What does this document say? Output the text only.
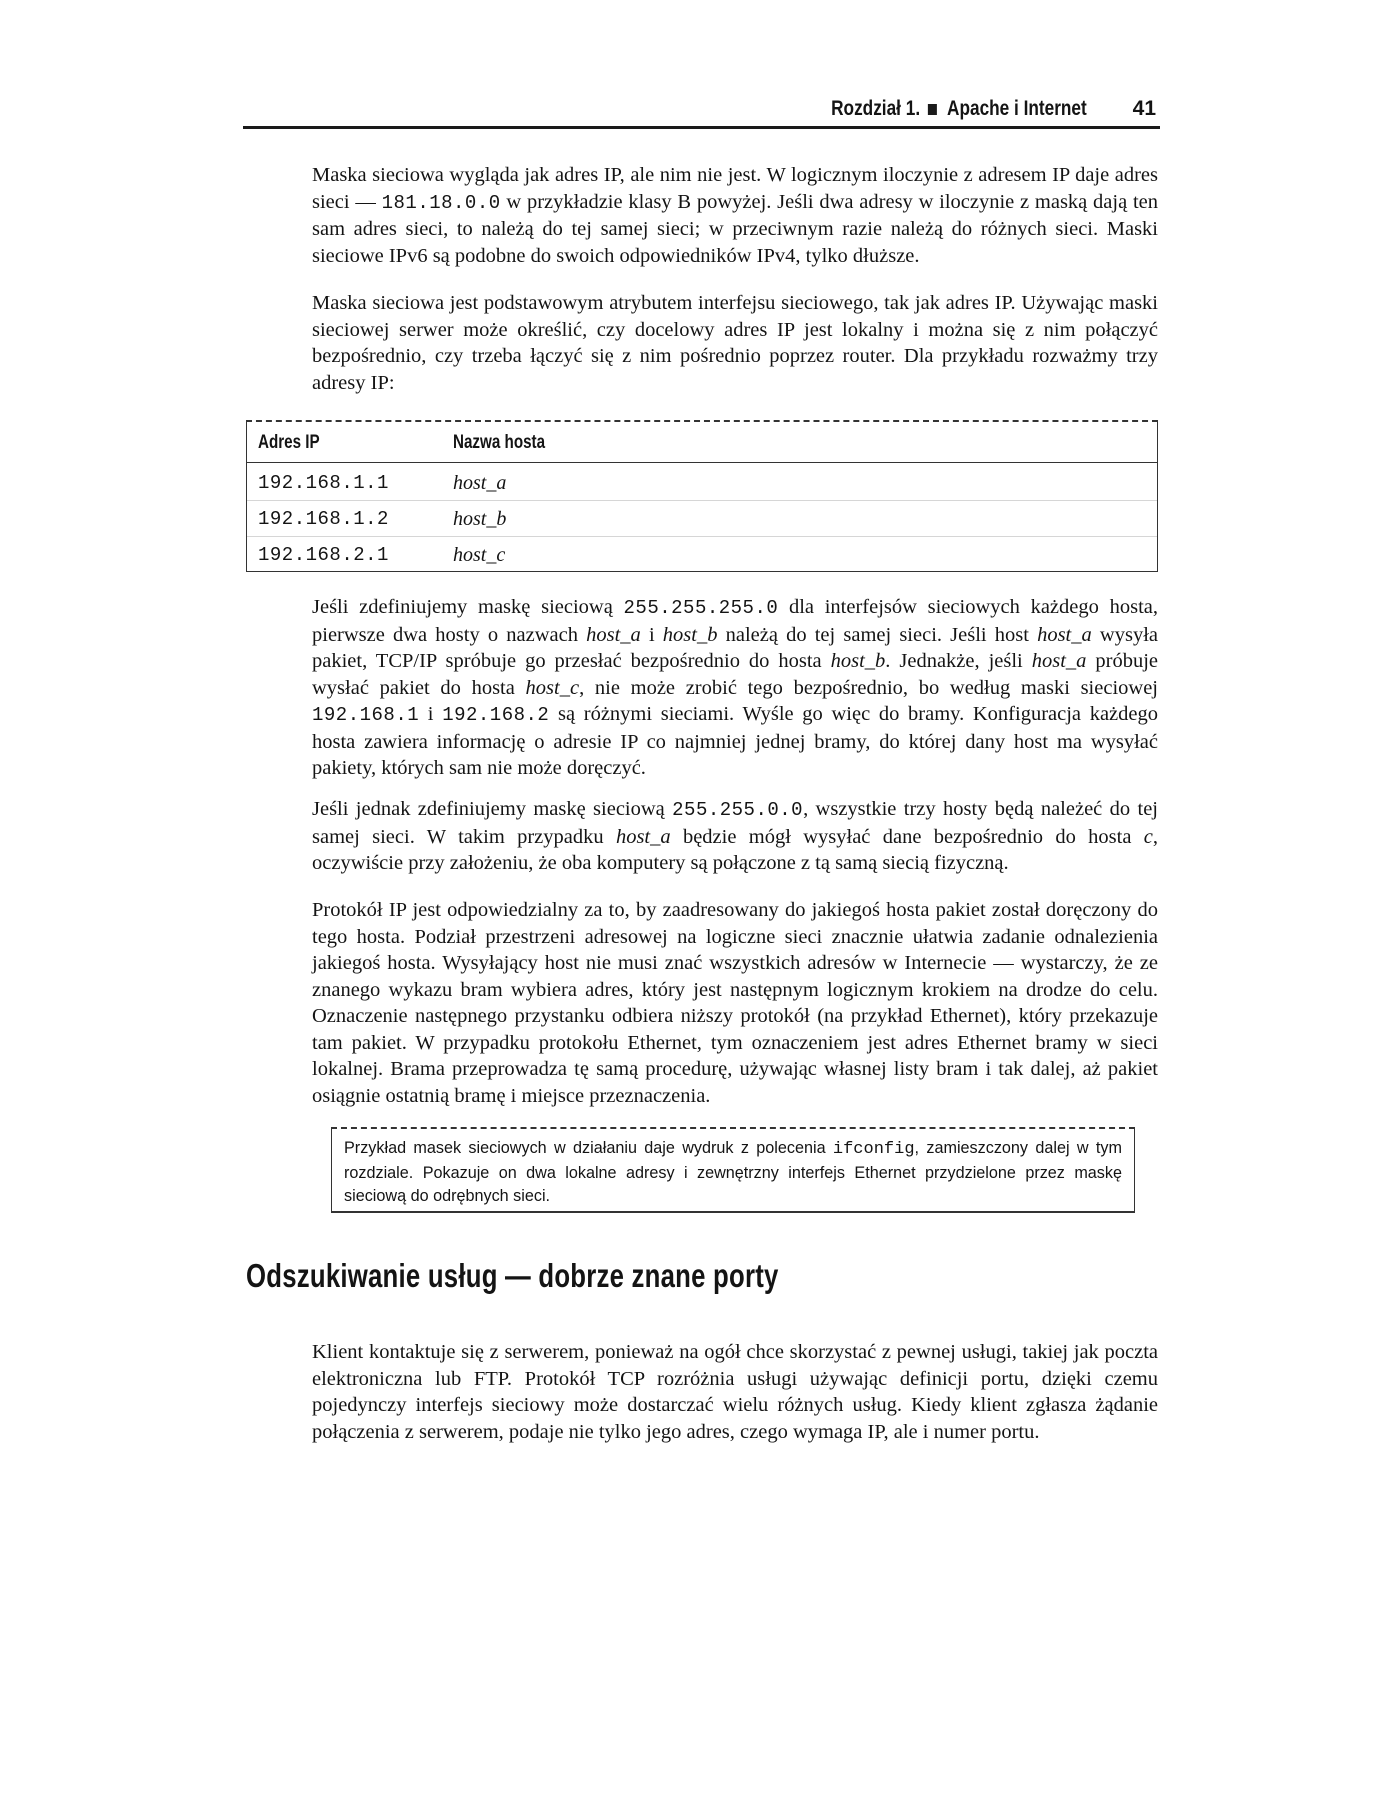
Rozdział 1. Apache i Internet 41

Maska sieciowa wygląda jak adres IP, ale nim nie jest. W logicznym iloczynie z adresem IP daje adres sieci — 181.18.0.0 w przykładzie klasy B powyżej. Jeśli dwa adresy w iloczynie z maską dają ten sam adres sieci, to należą do tej samej sieci; w przeciwnym razie należą do różnych sieci. Maski sieciowe IPv6 są podobne do swoich odpowiedników IPv4, tylko dłuższe.

Maska sieciowa jest podstawowym atrybutem interfejsu sieciowego, tak jak adres IP. Używając maski sieciowej serwer może określić, czy docelowy adres IP jest lokalny i można się z nim połączyć bezpośrednio, czy trzeba łączyć się z nim pośrednio poprzez router. Dla przykładu rozważmy trzy adresy IP:

Adres IP	Nazwa hosta
192.168.1.1	host_a
192.168.1.2	host_b
192.168.2.1	host_c

Jeśli zdefiniujemy maskę sieciową 255.255.255.0 dla interfejsów sieciowych każdego hosta, pierwsze dwa hosty o nazwach host_a i host_b należą do tej samej sieci. Jeśli host host_a wysyła pakiet, TCP/IP spróbuje go przesłać bezpośrednio do hosta host_b. Jednakże, jeśli host_a próbuje wysłać pakiet do hosta host_c, nie może zrobić tego bezpośrednio, bo według maski sieciowej 192.168.1 i 192.168.2 są różnymi sieciami. Wyśle go więc do bramy. Konfiguracja każdego hosta zawiera informację o adresie IP co najmniej jednej bramy, do której dany host ma wysyłać pakiety, których sam nie może doręczyć.

Jeśli jednak zdefiniujemy maskę sieciową 255.255.0.0, wszystkie trzy hosty będą należeć do tej samej sieci. W takim przypadku host_a będzie mógł wysyłać dane bezpośrednio do hosta c, oczywiście przy założeniu, że oba komputery są połączone z tą samą siecią fizyczną.

Protokół IP jest odpowiedzialny za to, by zaadresowany do jakiegoś hosta pakiet został doręczony do tego hosta. Podział przestrzeni adresowej na logiczne sieci znacznie ułatwia zadanie odnalezienia jakiegoś hosta. Wysyłający host nie musi znać wszystkich adresów w Internecie — wystarczy, że ze znanego wykazu bram wybiera adres, który jest następnym logicznym krokiem na drodze do celu. Oznaczenie następnego przystanku odbiera niższy protokół (na przykład Ethernet), który przekazuje tam pakiet. W przypadku protokołu Ethernet, tym oznaczeniem jest adres Ethernet bramy w sieci lokalnej. Brama przeprowadza tę samą procedurę, używając własnej listy bram i tak dalej, aż pakiet osiągnie ostatnią bramę i miejsce przeznaczenia.

Przykład masek sieciowych w działaniu daje wydruk z polecenia ifconfig, zamieszczony dalej w tym rozdziale. Pokazuje on dwa lokalne adresy i zewnętrzny interfejs Ethernet przydzielone przez maskę sieciową do odrębnych sieci.

Odszukiwanie usług — dobrze znane porty

Klient kontaktuje się z serwerem, ponieważ na ogół chce skorzystać z pewnej usługi, takiej jak poczta elektroniczna lub FTP. Protokół TCP rozróżnia usługi używając definicji portu, dzięki czemu pojedynczy interfejs sieciowy może dostarczać wielu różnych usług. Kiedy klient zgłasza żądanie połączenia z serwerem, podaje nie tylko jego adres, czego wymaga IP, ale i numer portu.
